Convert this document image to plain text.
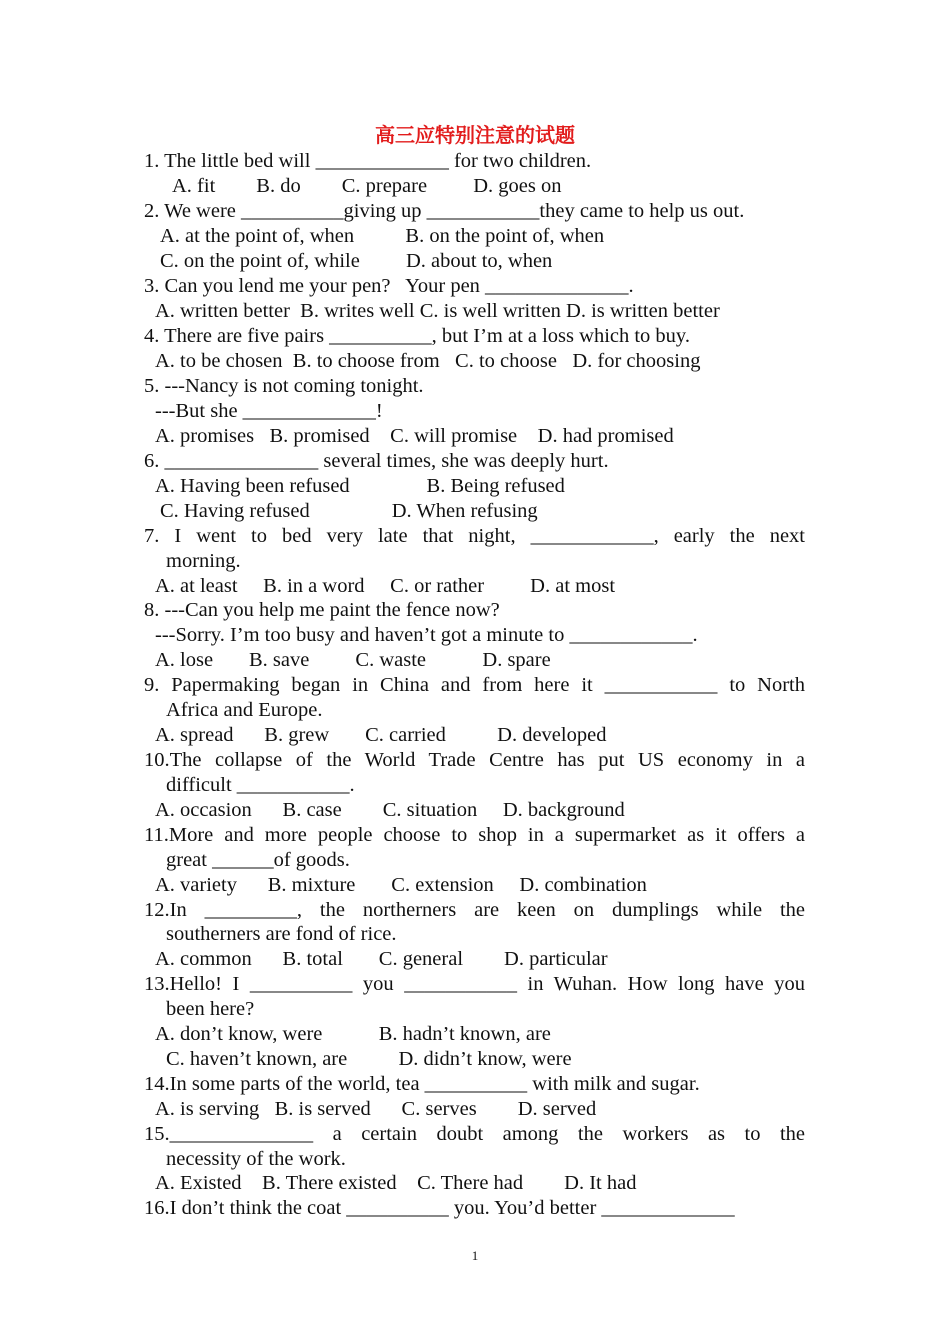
高三应特别注意的试题
1. The little bed will _____________ for two children.
A. fit        B. do        C. prepare         D. goes on
2. We were __________giving up ___________they came to help us out.
A. at the point of, when          B. on the point of, when
C. on the point of, while         D. about to, when
3. Can you lend me your pen?   Your pen ______________.
A. written better  B. writes well C. is well written D. is written better
4. There are five pairs __________, but I’m at a loss which to buy.
A. to be chosen  B. to choose from   C. to choose   D. for choosing
5. ---Nancy is not coming tonight.
---But she _____________!
A. promises   B. promised    C. will promise    D. had promised
6. _______________ several times, she was deeply hurt.
A. Having been refused               B. Being refused
C. Having refused                D. When refusing
7. I went to bed very late that night, ____________, early the next
morning.
A. at least     B. in a word     C. or rather         D. at most
8. ---Can you help me paint the fence now?
---Sorry. I’m too busy and haven’t got a minute to ____________.
A. lose       B. save         C. waste           D. spare
9. Papermaking began in China and from here it ___________ to North
Africa and Europe.
A. spread      B. grew       C. carried          D. developed
10.The collapse of the World Trade Centre has put US economy in a
difficult ___________.
A. occasion      B. case        C. situation     D. background
11.More and more people choose to shop in a supermarket as it offers a
great ______of goods.
A. variety      B. mixture       C. extension     D. combination
12.In _________, the northerners are keen on dumplings while the
southerners are fond of rice.
A. common      B. total       C. general        D. particular
13.Hello! I __________ you ___________ in Wuhan. How long have you
been here?
A. don’t know, were           B. hadn’t known, are
C. haven’t known, are          D. didn’t know, were
14.In some parts of the world, tea __________ with milk and sugar.
A. is serving   B. is served      C. serves        D. served
15.______________ a certain doubt among the workers as to the
necessity of the work.
A. Existed    B. There existed    C. There had        D. It had
16.I don’t think the coat __________ you. You’d better _____________
1
